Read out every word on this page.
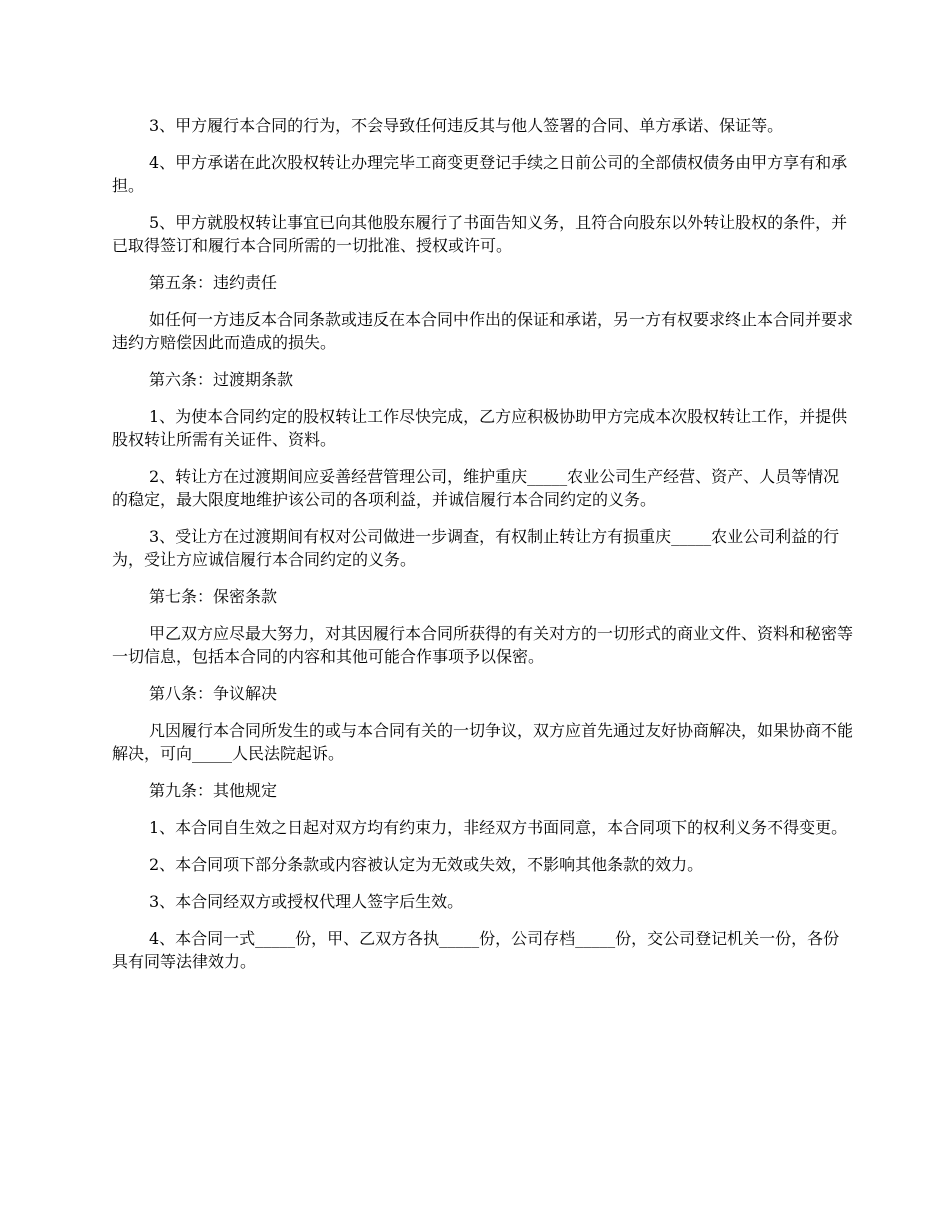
3、甲方履行本合同的行为，不会导致任何违反其与他人签署的合同、单方承诺、保证等。

4、甲方承诺在此次股权转让办理完毕工商变更登记手续之日前公司的全部债权债务由甲方享有和承担。

5、甲方就股权转让事宜已向其他股东履行了书面告知义务，且符合向股东以外转让股权的条件，并已取得签订和履行本合同所需的一切批准、授权或许可。

第五条：违约责任

如任何一方违反本合同条款或违反在本合同中作出的保证和承诺，另一方有权要求终止本合同并要求违约方赔偿因此而造成的损失。

第六条：过渡期条款

1、为使本合同约定的股权转让工作尽快完成，乙方应积极协助甲方完成本次股权转让工作，并提供股权转让所需有关证件、资料。

2、转让方在过渡期间应妥善经营管理公司，维护重庆_____农业公司生产经营、资产、人员等情况的稳定，最大限度地维护该公司的各项利益，并诚信履行本合同约定的义务。

3、受让方在过渡期间有权对公司做进一步调查，有权制止转让方有损重庆_____农业公司利益的行为，受让方应诚信履行本合同约定的义务。

第七条：保密条款

甲乙双方应尽最大努力，对其因履行本合同所获得的有关对方的一切形式的商业文件、资料和秘密等一切信息，包括本合同的内容和其他可能合作事项予以保密。

第八条：争议解决

凡因履行本合同所发生的或与本合同有关的一切争议，双方应首先通过友好协商解决，如果协商不能解决，可向_____人民法院起诉。

第九条：其他规定

1、本合同自生效之日起对双方均有约束力，非经双方书面同意，本合同项下的权利义务不得变更。

2、本合同项下部分条款或内容被认定为无效或失效，不影响其他条款的效力。

3、本合同经双方或授权代理人签字后生效。

4、本合同一式_____份，甲、乙双方各执_____份，公司存档_____份，交公司登记机关一份，各份具有同等法律效力。
